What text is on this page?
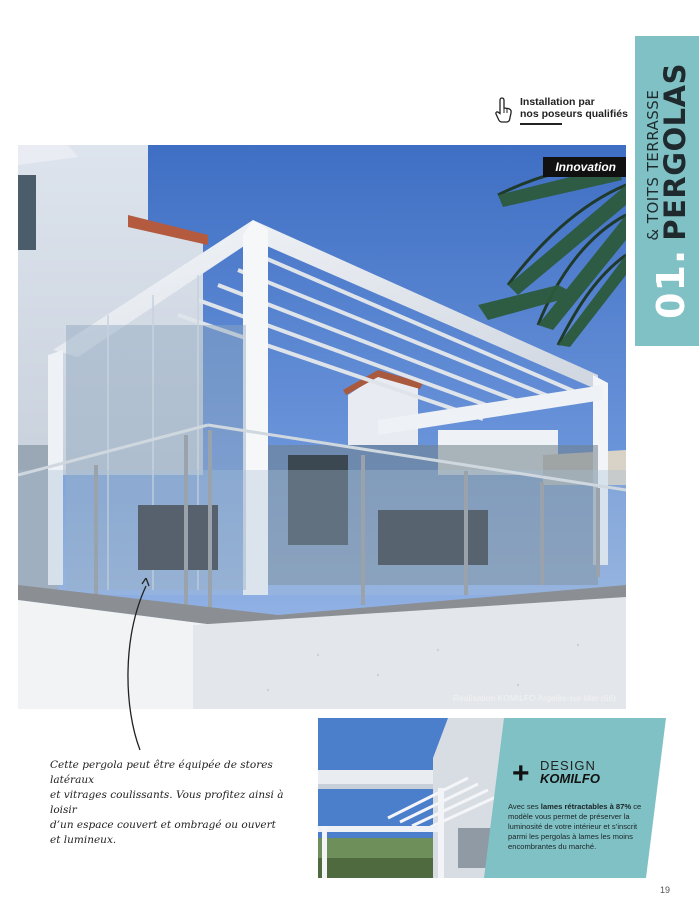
01.
& TOITS TERRASSE
PERGOLAS
Installation par
nos poseurs qualifiés
Innovation
Réalisation KOMILFO Argelès-sur-Mer (66)
Cette pergola peut être équipée de stores latéraux
et vitrages coulissants. Vous profitez ainsi à loisir
d’un espace couvert et ombragé ou ouvert
et lumineux.
+ DESIGN
KOMILFO
Avec ses lames rétractables à 87% ce modèle vous permet de préserver la luminosité de votre intérieur et s’inscrit parmi les pergolas à lames les moins encombrantes du marché.
19
